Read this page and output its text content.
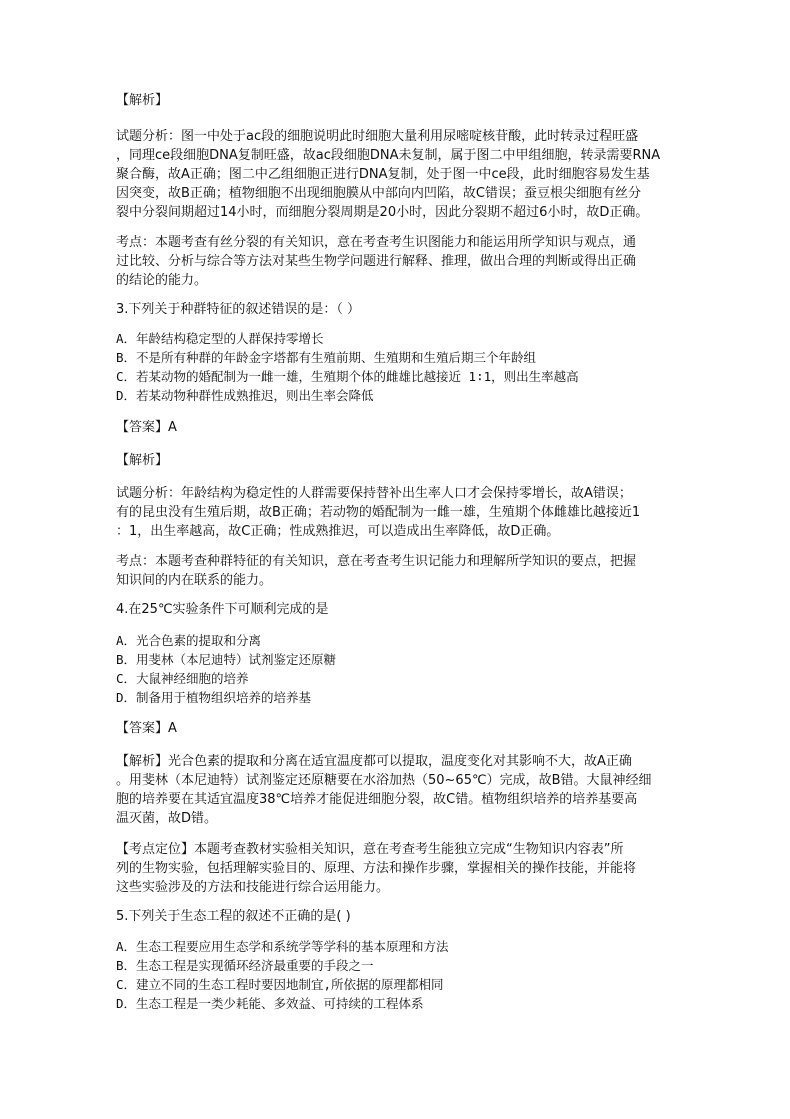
【解析】

试题分析：图一中处于ac段的细胞说明此时细胞大量利用尿嘧啶核苷酸，此时转录过程旺盛

，同理ce段细胞DNA复制旺盛，故ac段细胞DNA未复制，属于图二中甲组细胞，转录需要RNA

聚合酶，故A正确；图二中乙组细胞正进行DNA复制，处于图一中ce段，此时细胞容易发生基

因突变，故B正确；植物细胞不出现细胞膜从中部向内凹陷，故C错误；蚕豆根尖细胞有丝分

裂中分裂间期超过14小时，而细胞分裂周期是20小时，因此分裂期不超过6小时，故D正确。

考点：本题考查有丝分裂的有关知识，意在考查考生识图能力和能运用所学知识与观点，通

过比较、分析与综合等方法对某些生物学问题进行解释、推理，做出合理的判断或得出正确

的结论的能力。

3.下列关于种群特征的叙述错误的是：（ ）

A．年龄结构稳定型的人群保持零增长

B．不是所有种群的年龄金字塔都有生殖前期、生殖期和生殖后期三个年龄组

C．若某动物的婚配制为一雌一雄，生殖期个体的雌雄比越接近 1∶1，则出生率越高

D．若某动物种群性成熟推迟，则出生率会降低

【答案】A

【解析】

试题分析：年龄结构为稳定性的人群需要保持替补出生率人口才会保持零增长，故A错误；

有的昆虫没有生殖后期，故B正确；若动物的婚配制为一雌一雄，生殖期个体雌雄比越接近1

：1，出生率越高，故C正确；性成熟推迟，可以造成出生率降低，故D正确。

考点：本题考查种群特征的有关知识，意在考查考生识记能力和理解所学知识的要点，把握

知识间的内在联系的能力。

4.在25℃实验条件下可顺利完成的是

A．光合色素的提取和分离

B．用斐林（本尼迪特）试剂鉴定还原糖

C．大鼠神经细胞的培养

D．制备用于植物组织培养的培养基

【答案】A

【解析】光合色素的提取和分离在适宜温度都可以提取，温度变化对其影响不大，故A正确

。用斐林（本尼迪特）试剂鉴定还原糖要在水浴加热（50~65℃）完成，故B错。大鼠神经细

胞的培养要在其适宜温度38℃培养才能促进细胞分裂，故C错。植物组织培养的培养基要高

温灭菌，故D错。

【考点定位】本题考查教材实验相关知识，意在考查考生能独立完成“生物知识内容表”所

列的生物实验，包括理解实验目的、原理、方法和操作步骤，掌握相关的操作技能，并能将

这些实验涉及的方法和技能进行综合运用能力。

5.下列关于生态工程的叙述不正确的是( )

A．生态工程要应用生态学和系统学等学科的基本原理和方法

B．生态工程是实现循环经济最重要的手段之一

C．建立不同的生态工程时要因地制宜,所依据的原理都相同

D．生态工程是一类少耗能、多效益、可持续的工程体系
